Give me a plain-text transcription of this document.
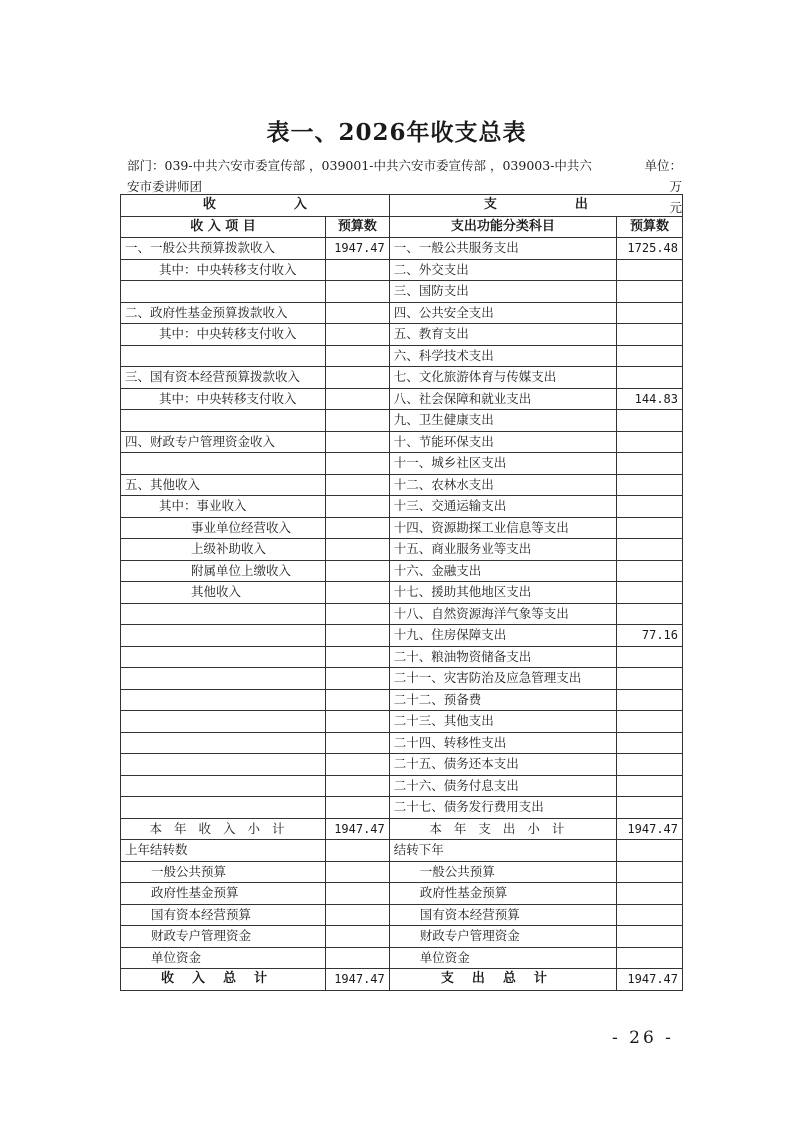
表一、2026年收支总表
部门：039-中共六安市委宣传部 ，039001-中共六安市委宣传部 ，039003-中共六
安市委讲师团
单位：万
元
收　　　　　　入		支　　　　　　出	
收 入 项 目	预算数	支出功能分类科目	预算数
一、一般公共预算拨款收入	1947.47	一、一般公共服务支出	1725.48
其中：中央转移支付收入		二、外交支出	
		三、国防支出	
二、政府性基金预算拨款收入		四、公共安全支出	
其中：中央转移支付收入		五、教育支出	
		六、科学技术支出	
三、国有资本经营预算拨款收入		七、文化旅游体育与传媒支出	
其中：中央转移支付收入		八、社会保障和就业支出	144.83
		九、卫生健康支出	
四、财政专户管理资金收入		十、节能环保支出	
		十一、城乡社区支出	
五、其他收入		十二、农林水支出	
其中：事业收入		十三、交通运输支出	
事业单位经营收入		十四、资源勘探工业信息等支出	
上级补助收入		十五、商业服务业等支出	
附属单位上缴收入		十六、金融支出	
其他收入		十七、援助其他地区支出	
		十八、自然资源海洋气象等支出	
		十九、住房保障支出	77.16
		二十、粮油物资储备支出	
		二十一、灾害防治及应急管理支出	
		二十二、预备费	
		二十三、其他支出	
		二十四、转移性支出	
		二十五、债务还本支出	
		二十六、债务付息支出	
		二十七、债务发行费用支出	
本年收入小计	1947.47	本年支出小计	1947.47
上年结转数		结转下年	
一般公共预算		一般公共预算	
政府性基金预算		政府性基金预算	
国有资本经营预算		国有资本经营预算	
财政专户管理资金		财政专户管理资金	
单位资金		单位资金	
收入总计	1947.47	支出总计	1947.47
- 26 -
